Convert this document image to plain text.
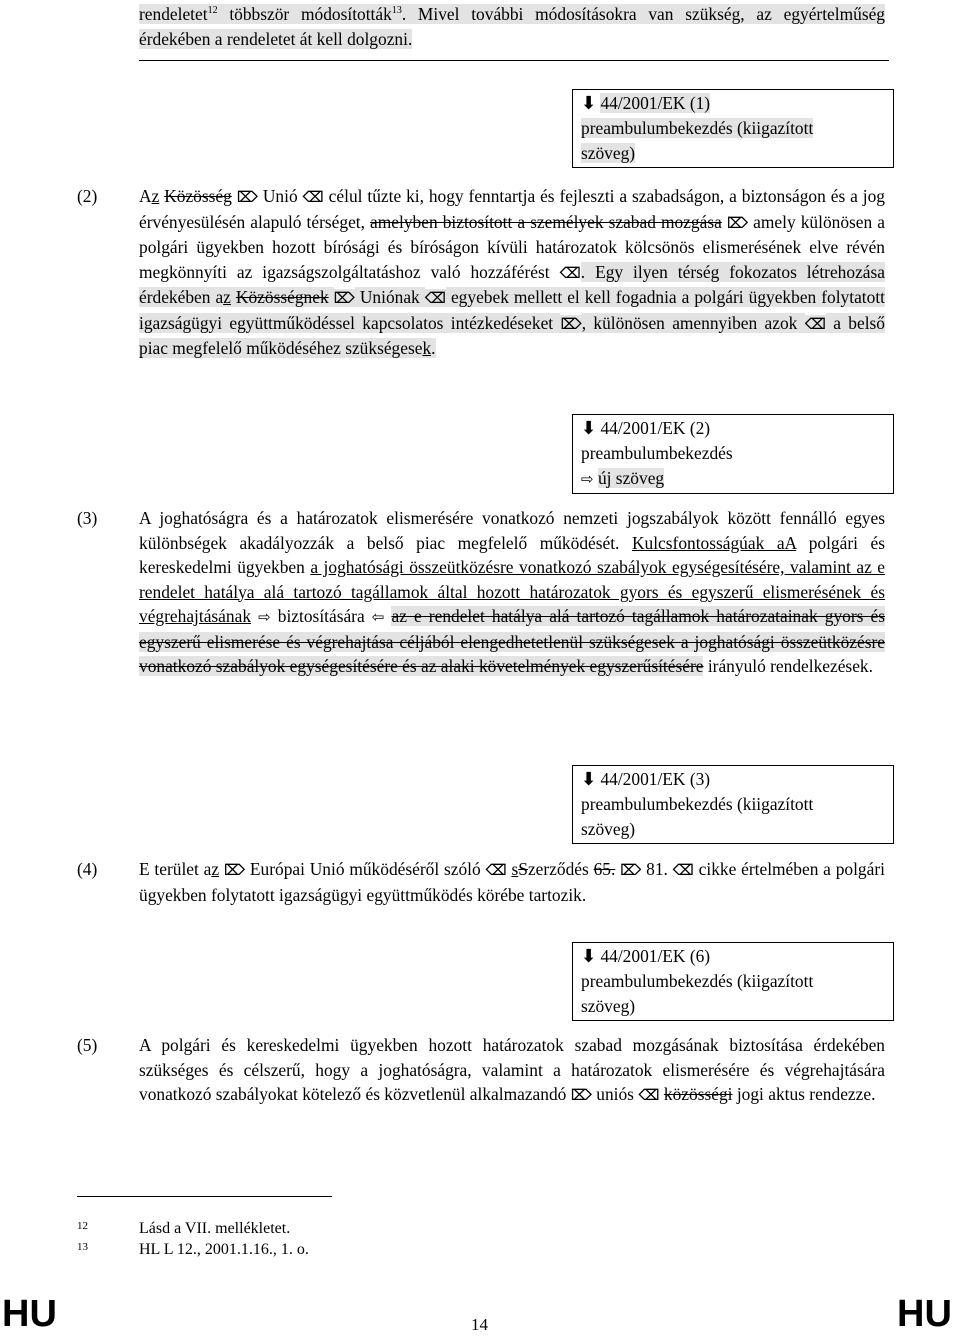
rendeletet$^{12}$ többször módosították$^{13}$. Mivel további módosításokra van szükség, az egyértelműség érdekében a rendeletet át kell dolgozni.
⬇ 44/2001/EK (1)
preambulumbekezdés (kiigazított
szöveg)
(2) Az Közösség ⌦ Unió ⌫ célul tűzte ki, hogy fenntartja és fejleszti a szabadságon, a biztonságon és a jog érvényesülésén alapuló térséget, amelyben biztosított a személyek szabad mozgása ⌦ amely különösen a polgári ügyekben hozott bírósági és bíróságon kívüli határozatok kölcsönös elismerésének elve révén megkönnyíti az igazságszolgáltatáshoz való hozzáférést ⌫. Egy ilyen térség fokozatos létrehozása érdekében az Közösségnek ⌦ Uniónak ⌫ egyebek mellett el kell fogadnia a polgári ügyekben folytatott igazságügyi együttműködéssel kapcsolatos intézkedéseket ⌦, különösen amennyiben azok ⌫ a belső piac megfelelő működéséhez szükségesek.
⬇ 44/2001/EK (2)
preambulumbekezdés
⇨ új szöveg
(3) A joghatóságra és a határozatok elismerésére vonatkozó nemzeti jogszabályok között fennálló egyes különbségek akadályozzák a belső piac megfelelő működését. Kulcsfontosságúak aA polgári és kereskedelmi ügyekben a joghatósági összeütközésre vonatkozó szabályok egységesítésére, valamint az e rendelet hatálya alá tartozó tagállamok által hozott határozatok gyors és egyszerű elismerésének és végrehajtásának ⇨ biztosítására ⇦ az e rendelet hatálya alá tartozó tagállamok határozatainak gyors és egyszerű elismerése és végrehajtása céljából elengedhetetlenül szükségesek a joghatósági összeütközésre vonatkozó szabályok egységesítésére és az alaki követelmények egyszerűsítésére irányuló rendelkezések.
⬇ 44/2001/EK (3)
preambulumbekezdés (kiigazított
szöveg)
(4) E terület az ⌦ Európai Unió működéséről szóló ⌫ sSzerződés 65. ⌦ 81. ⌫ cikke értelmében a polgári ügyekben folytatott igazságügyi együttműködés körébe tartozik.
⬇ 44/2001/EK (6)
preambulumbekezdés (kiigazított
szöveg)
(5) A polgári és kereskedelmi ügyekben hozott határozatok szabad mozgásának biztosítása érdekében szükséges és célszerű, hogy a joghatóságra, valamint a határozatok elismerésére és végrehajtására vonatkozó szabályokat kötelező és közvetlenül alkalmazandó ⌦ uniós ⌫ közösségi jogi aktus rendezze.
12	Lásd a VII. mellékletet.
13	HL L 12., 2001.1.16., 1. o.
HU	14	HU
